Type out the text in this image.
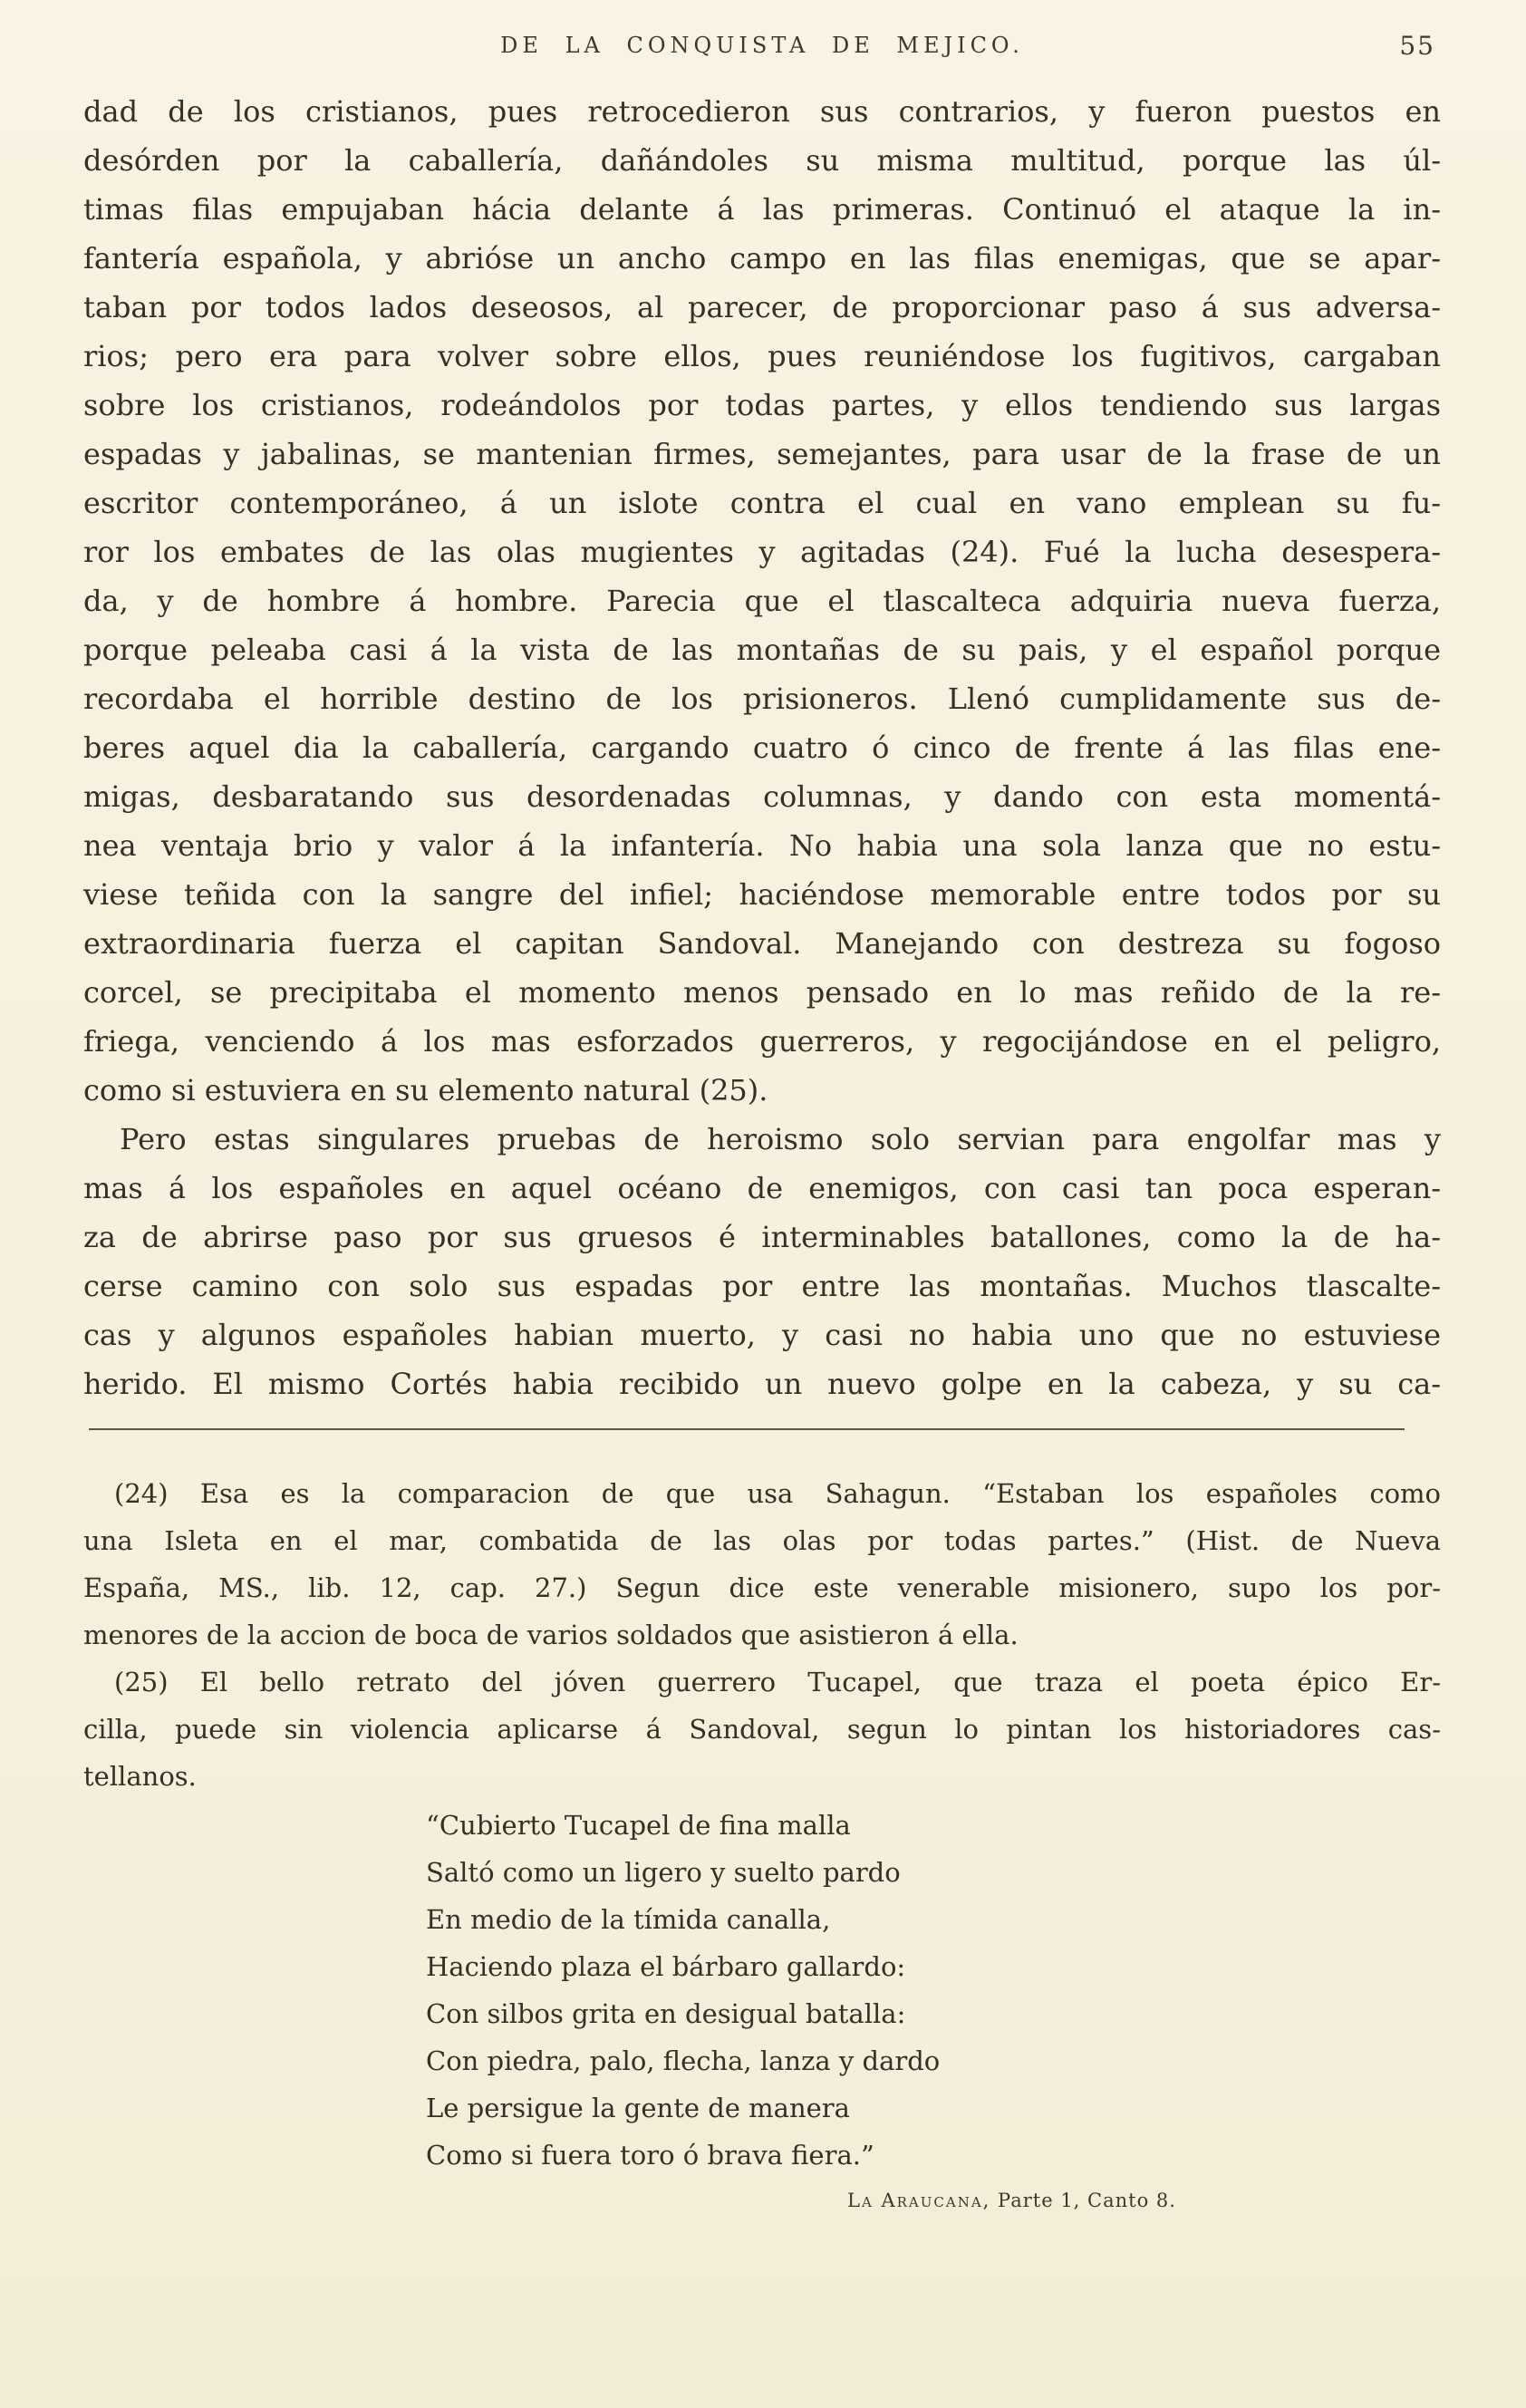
DE LA CONQUISTA DE MEJICO.	55
dad de los cristianos, pues retrocedieron sus contrarios, y fueron puestos en
desórden por la caballería, dañándoles su misma multitud, porque las úl-
timas filas empujaban hácia delante á las primeras. Continuó el ataque la in-
fantería española, y abrióse un ancho campo en las filas enemigas, que se apar-
taban por todos lados deseosos, al parecer, de proporcionar paso á sus adversa-
rios; pero era para volver sobre ellos, pues reuniéndose los fugitivos, cargaban
sobre los cristianos, rodeándolos por todas partes, y ellos tendiendo sus largas
espadas y jabalinas, se mantenian firmes, semejantes, para usar de la frase de un
escritor contemporáneo, á un islote contra el cual en vano emplean su fu-
ror los embates de las olas mugientes y agitadas (24). Fué la lucha desespera-
da, y de hombre á hombre. Parecia que el tlascalteca adquiria nueva fuerza,
porque peleaba casi á la vista de las montañas de su pais, y el español porque
recordaba el horrible destino de los prisioneros. Llenó cumplidamente sus de-
beres aquel dia la caballería, cargando cuatro ó cinco de frente á las filas ene-
migas, desbaratando sus desordenadas columnas, y dando con esta momentá-
nea ventaja brio y valor á la infantería. No habia una sola lanza que no estu-
viese teñida con la sangre del infiel; haciéndose memorable entre todos por su
extraordinaria fuerza el capitan Sandoval. Manejando con destreza su fogoso
corcel, se precipitaba el momento menos pensado en lo mas reñido de la re-
friega, venciendo á los mas esforzados guerreros, y regocijándose en el peligro,
como si estuviera en su elemento natural (25).
Pero estas singulares pruebas de heroismo solo servian para engolfar mas y
mas á los españoles en aquel océano de enemigos, con casi tan poca esperan-
za de abrirse paso por sus gruesos é interminables batallones, como la de ha-
cerse camino con solo sus espadas por entre las montañas. Muchos tlascalte-
cas y algunos españoles habian muerto, y casi no habia uno que no estuviese
herido. El mismo Cortés habia recibido un nuevo golpe en la cabeza, y su ca-
(24) Esa es la comparacion de que usa Sahagun. “Estaban los españoles como
una Isleta en el mar, combatida de las olas por todas partes.” (Hist. de Nueva
España, MS., lib. 12, cap. 27.) Segun dice este venerable misionero, supo los por-
menores de la accion de boca de varios soldados que asistieron á ella.
(25) El bello retrato del jóven guerrero Tucapel, que traza el poeta épico Er-
cilla, puede sin violencia aplicarse á Sandoval, segun lo pintan los historiadores cas-
tellanos.
“Cubierto Tucapel de fina malla
Saltó como un ligero y suelto pardo
En medio de la tímida canalla,
Haciendo plaza el bárbaro gallardo:
Con silbos grita en desigual batalla:
Con piedra, palo, flecha, lanza y dardo
Le persigue la gente de manera
Como si fuera toro ó brava fiera.”
La Araucana, Parte 1, Canto 8.
